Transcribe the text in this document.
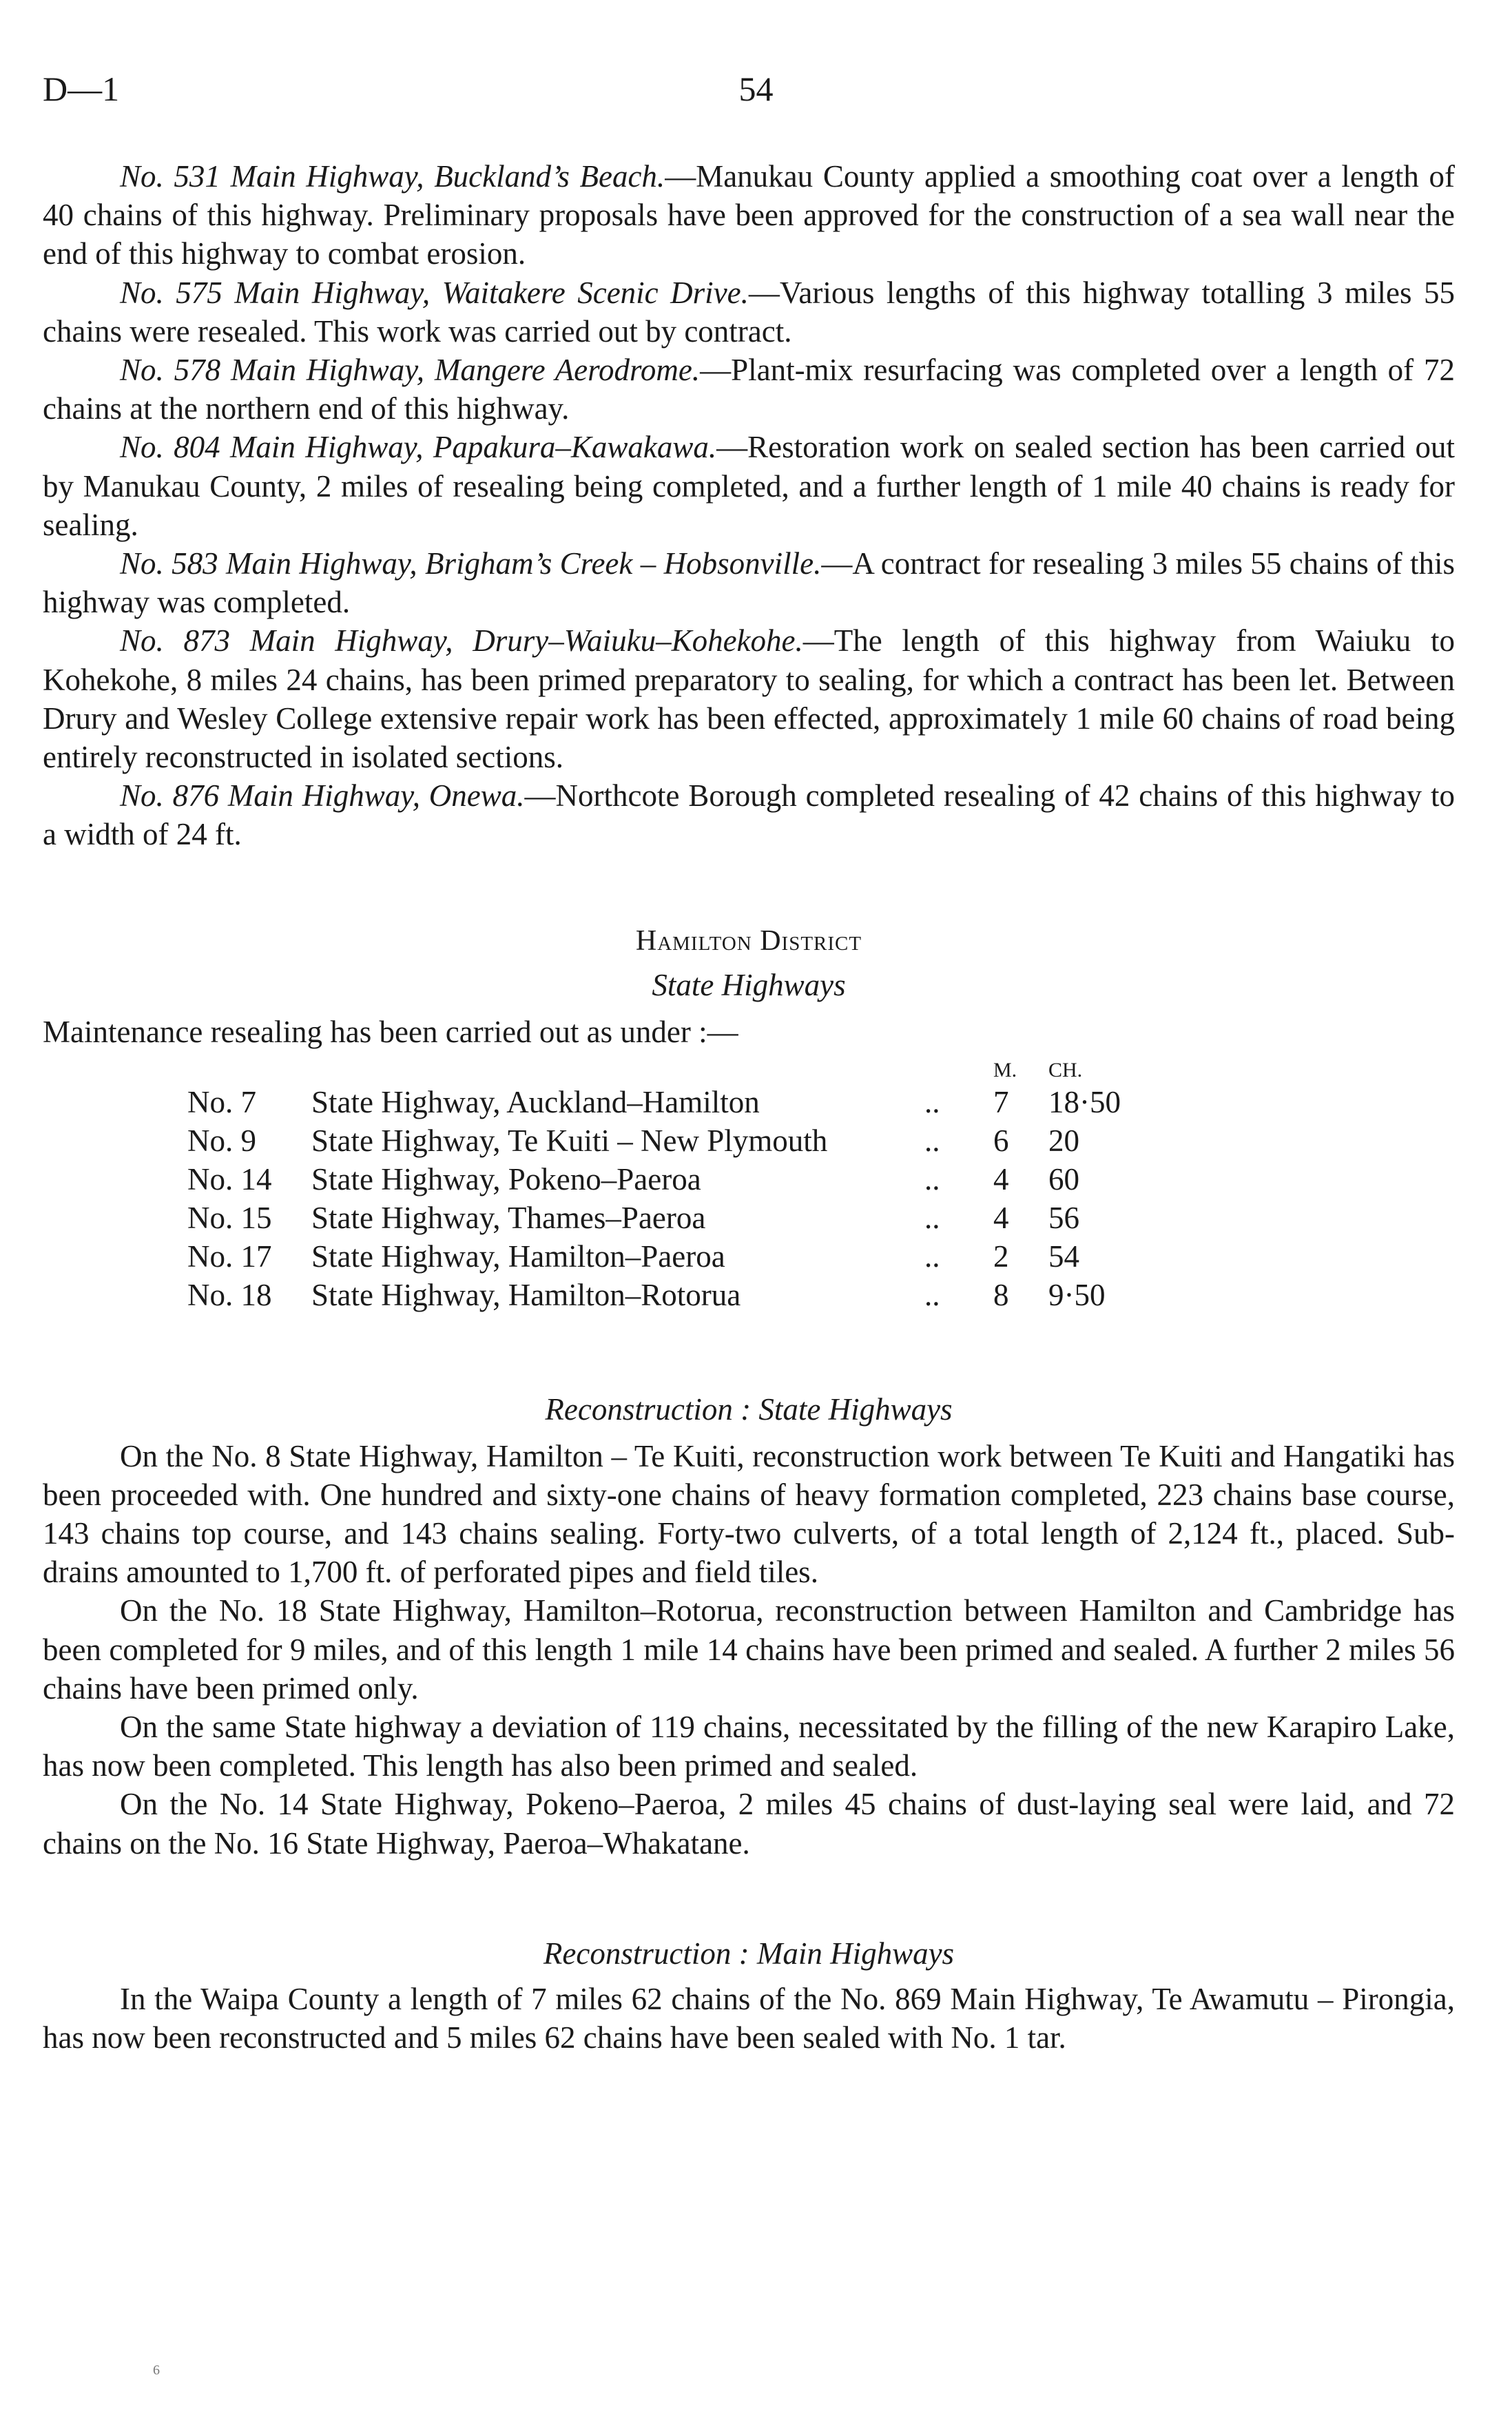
D—1	54

No. 531 Main Highway, Buckland’s Beach.—Manukau County applied a smoothing coat over a length of 40 chains of this highway. Preliminary proposals have been approved for the construction of a sea wall near the end of this highway to combat erosion.

No. 575 Main Highway, Waitakere Scenic Drive.—Various lengths of this highway totalling 3 miles 55 chains were resealed. This work was carried out by contract.

No. 578 Main Highway, Mangere Aerodrome.—Plant-mix resurfacing was completed over a length of 72 chains at the northern end of this highway.

No. 804 Main Highway, Papakura–Kawakawa.—Restoration work on sealed section has been carried out by Manukau County, 2 miles of resealing being completed, and a further length of 1 mile 40 chains is ready for sealing.

No. 583 Main Highway, Brigham’s Creek – Hobsonville.—A contract for resealing 3 miles 55 chains of this highway was completed.

No. 873 Main Highway, Drury–Waiuku–Kohekohe.—The length of this highway from Waiuku to Kohekohe, 8 miles 24 chains, has been primed preparatory to sealing, for which a contract has been let. Between Drury and Wesley College extensive repair work has been effected, approximately 1 mile 60 chains of road being entirely reconstructed in isolated sections.

No. 876 Main Highway, Onewa.—Northcote Borough completed resealing of 42 chains of this highway to a width of 24 ft.

Hamilton District
State Highways
Maintenance resealing has been carried out as under :—
			M.	CH.
No. 7	State Highway, Auckland–Hamilton	..	7	18·50
No. 9	State Highway, Te Kuiti – New Plymouth	..	6	20
No. 14	State Highway, Pokeno–Paeroa	..	4	60
No. 15	State Highway, Thames–Paeroa	..	4	56
No. 17	State Highway, Hamilton–Paeroa	..	2	54
No. 18	State Highway, Hamilton–Rotorua	..	8	9·50
Reconstruction : State Highways

On the No. 8 State Highway, Hamilton – Te Kuiti, reconstruction work between Te Kuiti and Hangatiki has been proceeded with. One hundred and sixty-one chains of heavy formation completed, 223 chains base course, 143 chains top course, and 143 chains sealing. Forty-two culverts, of a total length of 2,124 ft., placed. Sub-drains amounted to 1,700 ft. of perforated pipes and field tiles.

On the No. 18 State Highway, Hamilton–Rotorua, reconstruction between Hamilton and Cambridge has been completed for 9 miles, and of this length 1 mile 14 chains have been primed and sealed. A further 2 miles 56 chains have been primed only.

On the same State highway a deviation of 119 chains, necessitated by the filling of the new Karapiro Lake, has now been completed. This length has also been primed and sealed.

On the No. 14 State Highway, Pokeno–Paeroa, 2 miles 45 chains of dust-laying seal were laid, and 72 chains on the No. 16 State Highway, Paeroa–Whakatane.

Reconstruction : Main Highways

In the Waipa County a length of 7 miles 62 chains of the No. 869 Main Highway, Te Awamutu – Pirongia, has now been reconstructed and 5 miles 62 chains have been sealed with No. 1 tar.

6
